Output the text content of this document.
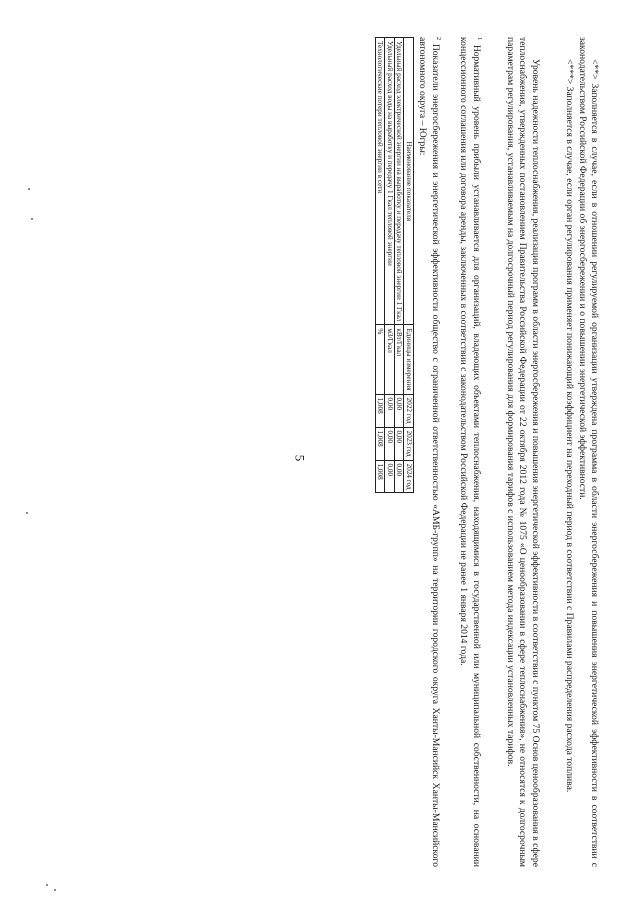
5	<**> Заполняется в случае, если в отношении регулируемой организации утверждена программа в области энергосбережения и повышения энергетической эффективности в соответствии с законодательством Российской Федерации об энергосбережении и о повышении энергетической эффективности.

<***> Заполняется в случае, если орган регулирования применяет понижающий коэффициент на переходный период в соответствии с Правилами распределения расхода топлива.

Уровень надежности теплоснабжения, реализация программ в области энергосбережения и повышения энергетической эффективности в соответствии с пунктом 75 Основ ценообразования в сфере теплоснабжения, утвержденных постановлением Правительства Российской Федерации от 22 октября 2012 года № 1075 «О ценообразовании в сфере теплоснабжения», не относятся к долгосрочным параметрам регулирования, устанавливаемым на долгосрочный период регулирования для формирования тарифов с использованием метода индексации установленных тарифов.

$^1$ Нормативный уровень прибыли устанавливается для организаций, владеющих объектами теплоснабжения, находящимися в государственной или муниципальной собственности, на основании концессионного соглашения или договора аренды, заключенных в соответствии с законодательством Российской Федерации не ранее 1 января 2014 года.

$^2$ Показатели энергосбережения и энергетической эффективности общество с ограниченной ответственностью «АМБ-групп» на территории городского округа Ханты-Мансийск Ханты-Мансийского автономного округа – Югры:

Наименование показателя	Единицы измерения	2022 год	2023 год	2024 год
Удельный расход электрической энергии на выработку и передачу тепловой энергии 1 Гкал	кВт/Гкал	0,00	0,00	0,00
Удельный расход воды на выработку и передачу 1 Гкал тепловой энергии	м3/Гкал	0,00	0,00	0,00
Технологические потери тепловой энергии в сети	%	1,008	1,008	1,008
